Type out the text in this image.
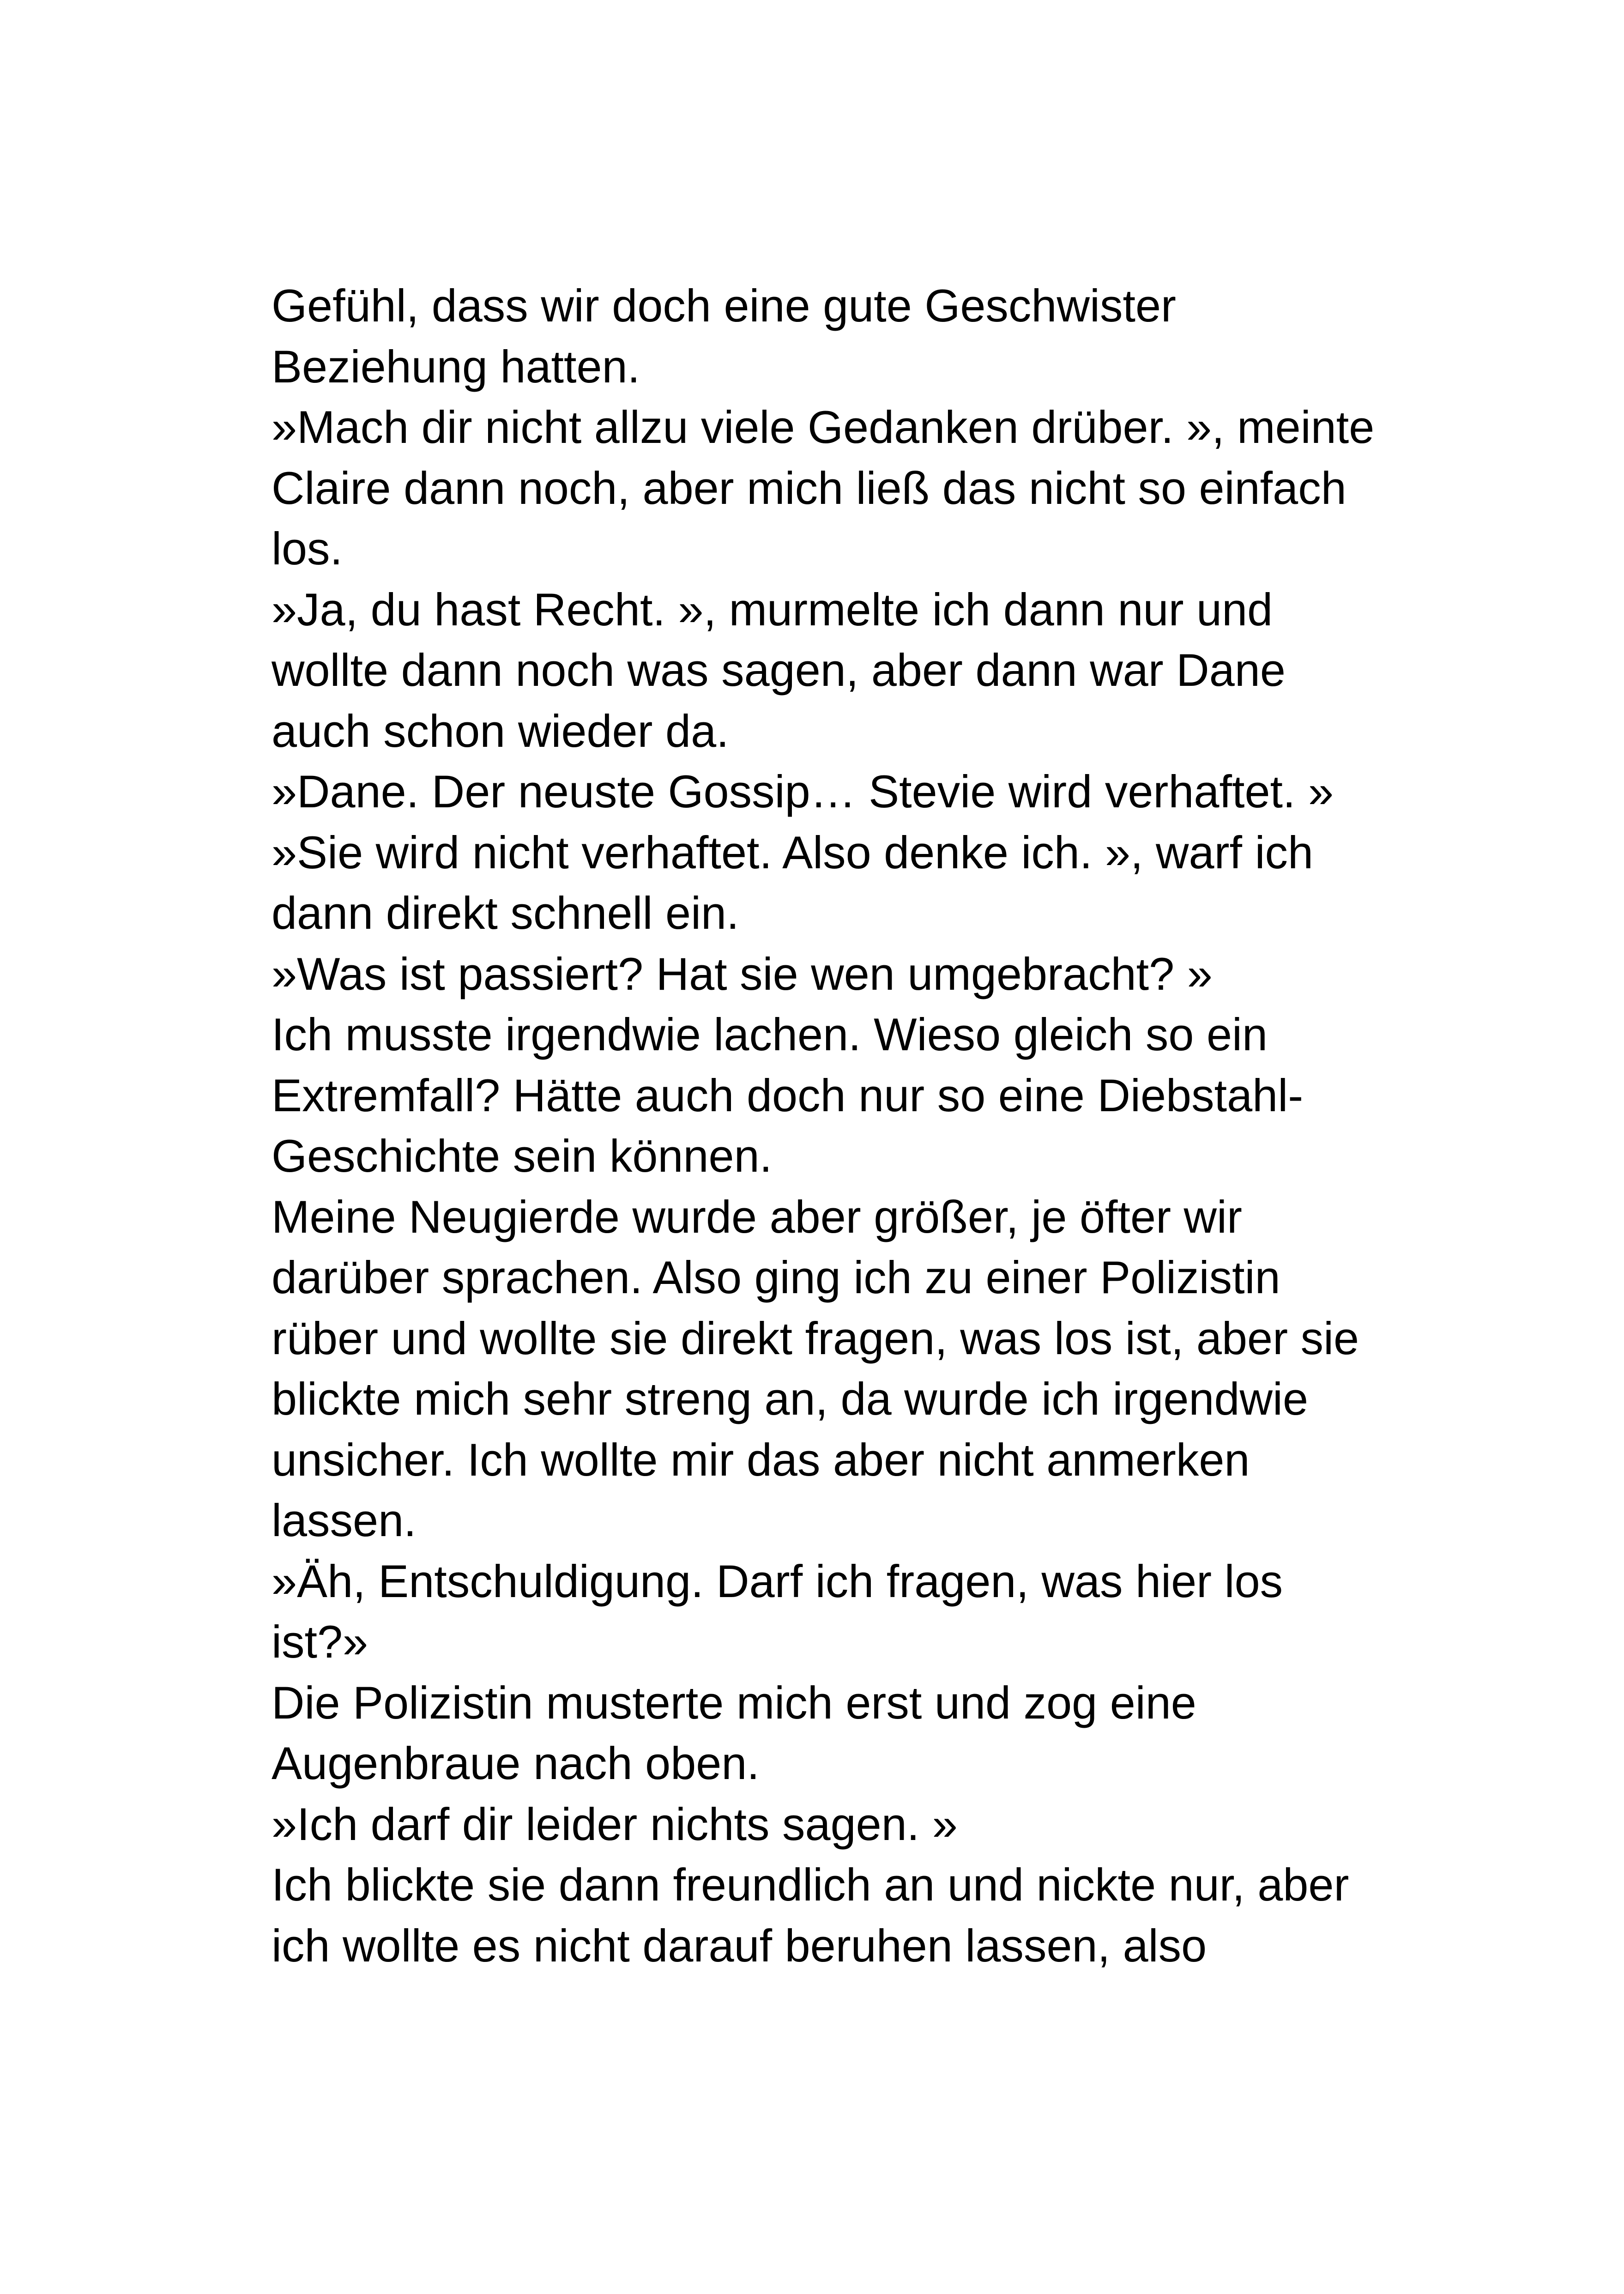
Gefühl, dass wir doch eine gute Geschwister
Beziehung hatten.
»Mach dir nicht allzu viele Gedanken drüber. », meinte
Claire dann noch, aber mich ließ das nicht so einfach
los.
»Ja, du hast Recht. », murmelte ich dann nur und
wollte dann noch was sagen, aber dann war Dane
auch schon wieder da.
»Dane. Der neuste Gossip… Stevie wird verhaftet. »
»Sie wird nicht verhaftet. Also denke ich. », warf ich
dann direkt schnell ein.
»Was ist passiert? Hat sie wen umgebracht? »
Ich musste irgendwie lachen. Wieso gleich so ein
Extremfall? Hätte auch doch nur so eine Diebstahl-
Geschichte sein können.
Meine Neugierde wurde aber größer, je öfter wir
darüber sprachen. Also ging ich zu einer Polizistin
rüber und wollte sie direkt fragen, was los ist, aber sie
blickte mich sehr streng an, da wurde ich irgendwie
unsicher. Ich wollte mir das aber nicht anmerken
lassen.
»Äh, Entschuldigung. Darf ich fragen, was hier los
ist?»
Die Polizistin musterte mich erst und zog eine
Augenbraue nach oben.
»Ich darf dir leider nichts sagen. »
Ich blickte sie dann freundlich an und nickte nur, aber
ich wollte es nicht darauf beruhen lassen, also
